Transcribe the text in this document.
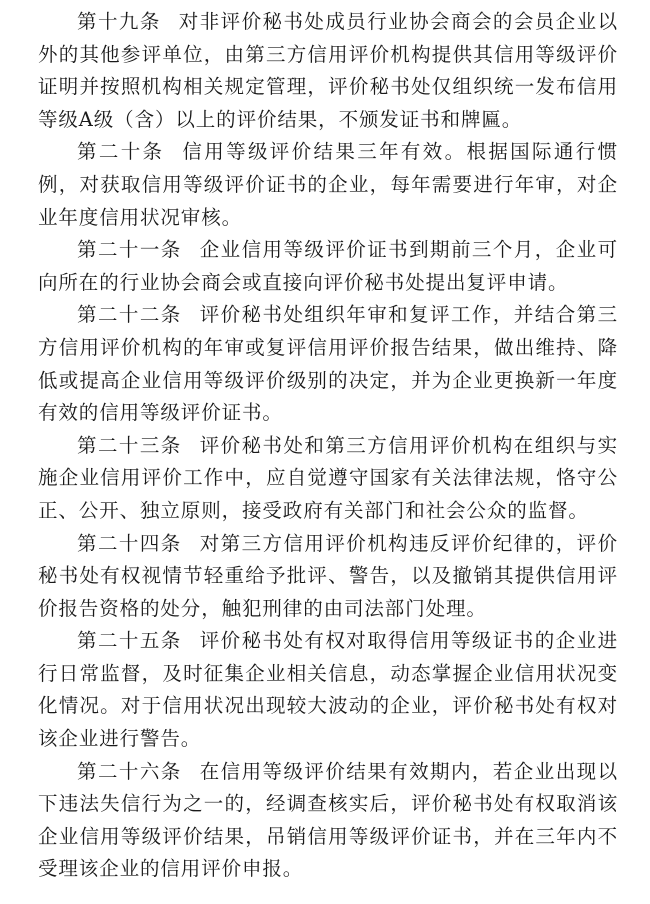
第十九条 对非评价秘书处成员行业协会商会的会员企业以外的其他参评单位，由第三方信用评价机构提供其信用等级评价证明并按照机构相关规定管理，评价秘书处仅组织统一发布信用等级A级（含）以上的评价结果，不颁发证书和牌匾。

第二十条 信用等级评价结果三年有效。根据国际通行惯例，对获取信用等级评价证书的企业，每年需要进行年审，对企业年度信用状况审核。

第二十一条 企业信用等级评价证书到期前三个月，企业可向所在的行业协会商会或直接向评价秘书处提出复评申请。

第二十二条 评价秘书处组织年审和复评工作，并结合第三方信用评价机构的年审或复评信用评价报告结果，做出维持、降低或提高企业信用等级评价级别的决定，并为企业更换新一年度有效的信用等级评价证书。

第二十三条 评价秘书处和第三方信用评价机构在组织与实施企业信用评价工作中，应自觉遵守国家有关法律法规，恪守公正、公开、独立原则，接受政府有关部门和社会公众的监督。

第二十四条 对第三方信用评价机构违反评价纪律的，评价秘书处有权视情节轻重给予批评、警告，以及撤销其提供信用评价报告资格的处分，触犯刑律的由司法部门处理。

第二十五条 评价秘书处有权对取得信用等级证书的企业进行日常监督，及时征集企业相关信息，动态掌握企业信用状况变化情况。对于信用状况出现较大波动的企业，评价秘书处有权对该企业进行警告。

第二十六条 在信用等级评价结果有效期内，若企业出现以下违法失信行为之一的，经调查核实后，评价秘书处有权取消该企业信用等级评价结果，吊销信用等级评价证书，并在三年内不受理该企业的信用评价申报。
